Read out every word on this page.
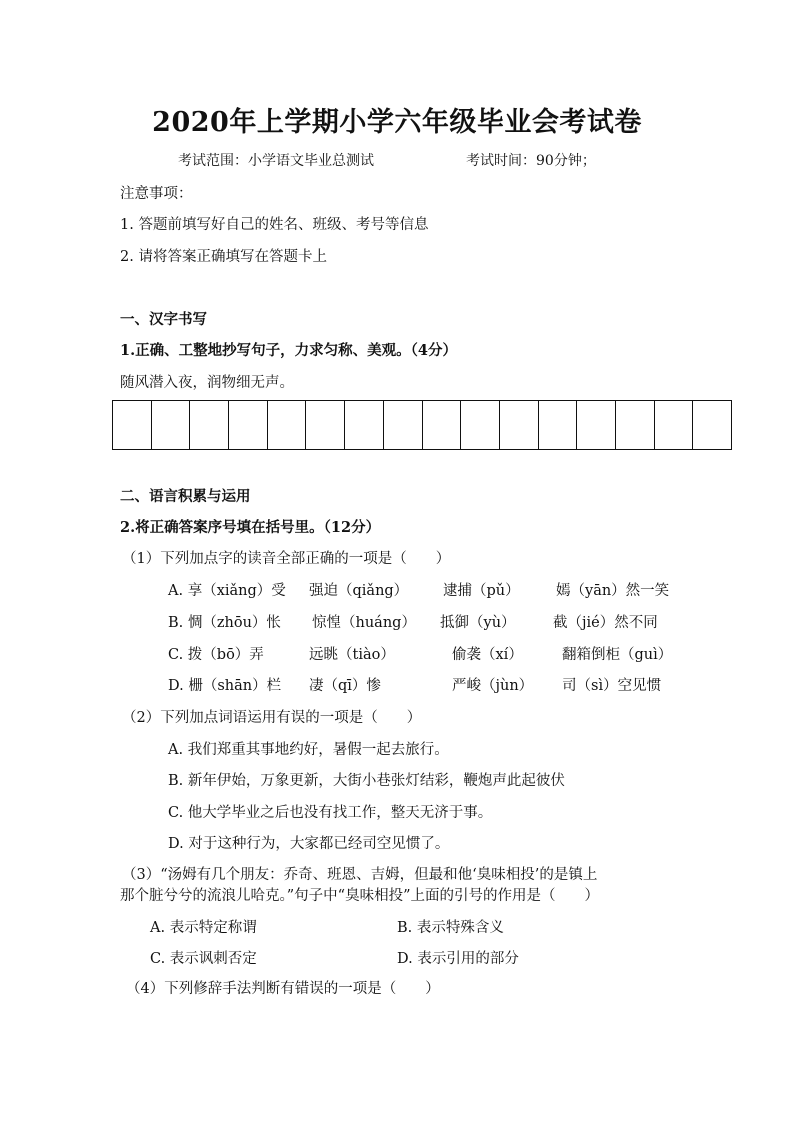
2020年上学期小学六年级毕业会考试卷
考试范围：小学语文毕业总测试	考试时间：90分钟；
注意事项：
1. 答题前填写好自己的姓名、班级、考号等信息
2. 请将答案正确填写在答题卡上
一、汉字书写
1.正确、工整地抄写句子，力求匀称、美观。（4分）
随风潜入夜，润物细无声。
二、语言积累与运用
2.将正确答案序号填在括号里。（12分）
（1）下列加点字的读音全部正确的一项是（　　）
A. 享（xiǎng）受 强迫（qiǎng） 逮捕（pǔ）	嫣（yān）然一笑
B. 惆（zhōu）怅 惊惶（huáng） 抵御（yù）	截（jié）然不同
C. 拨（bō）弄	远眺（tiào）	偷袭（xí）	翻箱倒柜（guì）
D. 栅（shān）栏 凄（qī）惨	严峻（jùn） 司（sì）空见惯
（2）下列加点词语运用有误的一项是（　　）
A. 我们郑重其事地约好，暑假一起去旅行。
B. 新年伊始，万象更新，大街小巷张灯结彩，鞭炮声此起彼伏
C. 他大学毕业之后也没有找工作，整天无济于事。
D. 对于这种行为，大家都已经司空见惯了。
（3）“汤姆有几个朋友：乔奇、班恩、吉姆，但最和他‘臭味相投’的是镇上
那个脏兮兮的流浪儿哈克。”句子中“臭味相投”上面的引号的作用是（　　）
A. 表示特定称谓	B. 表示特殊含义
C. 表示讽刺否定	D. 表示引用的部分
（4）下列修辞手法判断有错误的一项是（　　）
